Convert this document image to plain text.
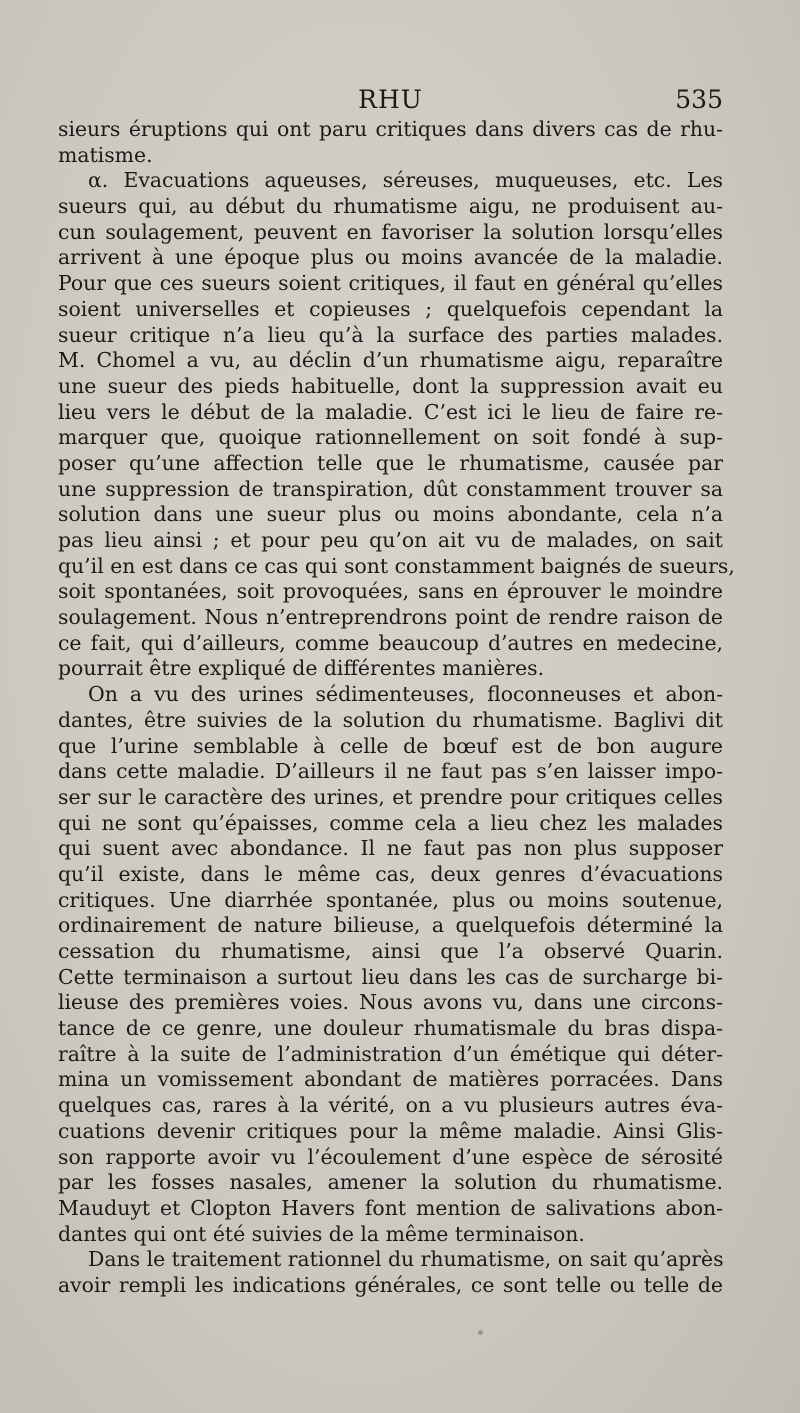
RHU	535
sieurs éruptions qui ont paru critiques dans divers cas de rhu-
matisme.
α. Evacuations aqueuses, séreuses, muqueuses, etc. Les
sueurs qui, au début du rhumatisme aigu, ne produisent au-
cun soulagement, peuvent en favoriser la solution lorsqu’elles
arrivent à une époque plus ou moins avancée de la maladie.
Pour que ces sueurs soient critiques, il faut en général qu’elles
soient universelles et copieuses ; quelquefois cependant la
sueur critique n’a lieu qu’à la surface des parties malades.
M. Chomel a vu, au déclin d’un rhumatisme aigu, reparaître
une sueur des pieds habituelle, dont la suppression avait eu
lieu vers le début de la maladie. C’est ici le lieu de faire re-
marquer que, quoique rationnellement on soit fondé à sup-
poser qu’une affection telle que le rhumatisme, causée par
une suppression de transpiration, dût constamment trouver sa
solution dans une sueur plus ou moins abondante, cela n’a
pas lieu ainsi ; et pour peu qu’on ait vu de malades, on sait
qu’il en est dans ce cas qui sont constamment baignés de sueurs,
soit spontanées, soit provoquées, sans en éprouver le moindre
soulagement. Nous n’entreprendrons point de rendre raison de
ce fait, qui d’ailleurs, comme beaucoup d’autres en medecine,
pourrait être expliqué de différentes manières.
On a vu des urines sédimenteuses, floconneuses et abon-
dantes, être suivies de la solution du rhumatisme. Baglivi dit
que l’urine semblable à celle de bœuf est de bon augure
dans cette maladie. D’ailleurs il ne faut pas s’en laisser impo-
ser sur le caractère des urines, et prendre pour critiques celles
qui ne sont qu’épaisses, comme cela a lieu chez les malades
qui suent avec abondance. Il ne faut pas non plus supposer
qu’il existe, dans le même cas, deux genres d’évacuations
critiques. Une diarrhée spontanée, plus ou moins soutenue,
ordinairement de nature bilieuse, a quelquefois déterminé la
cessation du rhumatisme, ainsi que l’a observé Quarin.
Cette terminaison a surtout lieu dans les cas de surcharge bi-
lieuse des premières voies. Nous avons vu, dans une circons-
tance de ce genre, une douleur rhumatismale du bras dispa-
raître à la suite de l’administration d’un émétique qui déter-
mina un vomissement abondant de matières porracées. Dans
quelques cas, rares à la vérité, on a vu plusieurs autres éva-
cuations devenir critiques pour la même maladie. Ainsi Glis-
son rapporte avoir vu l’écoulement d’une espèce de sérosité
par les fosses nasales, amener la solution du rhumatisme.
Mauduyt et Clopton Havers font mention de salivations abon-
dantes qui ont été suivies de la même terminaison.
Dans le traitement rationnel du rhumatisme, on sait qu’après
avoir rempli les indications générales, ce sont telle ou telle de
